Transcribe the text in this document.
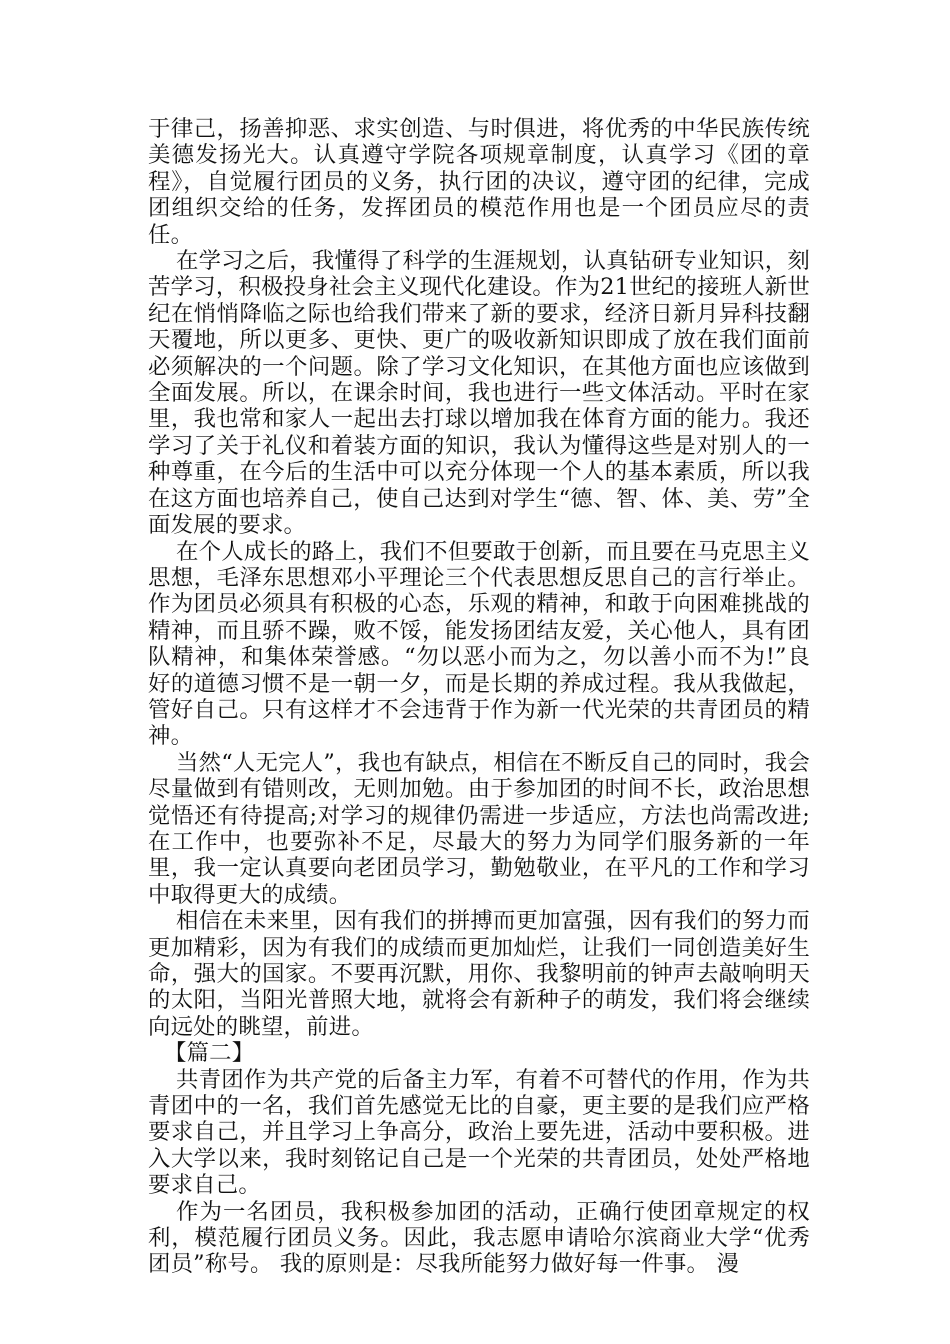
于律己，扬善抑恶、求实创造、与时俱进，将优秀的中华民族传统美德发扬光大。认真遵守学院各项规章制度，认真学习《团的章程》，自觉履行团员的义务，执行团的决议，遵守团的纪律，完成团组织交给的任务，发挥团员的模范作用也是一个团员应尽的责任。

在学习之后，我懂得了科学的生涯规划，认真钻研专业知识，刻苦学习，积极投身社会主义现代化建设。作为21世纪的接班人新世纪在悄悄降临之际也给我们带来了新的要求，经济日新月异科技翻天覆地，所以更多、更快、更广的吸收新知识即成了放在我们面前必须解决的一个问题。除了学习文化知识，在其他方面也应该做到全面发展。所以，在课余时间，我也进行一些文体活动。平时在家里，我也常和家人一起出去打球以增加我在体育方面的能力。我还学习了关于礼仪和着装方面的知识，我认为懂得这些是对别人的一种尊重，在今后的生活中可以充分体现一个人的基本素质，所以我在这方面也培养自己，使自己达到对学生“德、智、体、美、劳”全面发展的要求。

在个人成长的路上，我们不但要敢于创新，而且要在马克思主义思想，毛泽东思想邓小平理论三个代表思想反思自己的言行举止。作为团员必须具有积极的心态，乐观的精神，和敢于向困难挑战的精神，而且骄不躁，败不馁，能发扬团结友爱，关心他人，具有团队精神，和集体荣誉感。“勿以恶小而为之，勿以善小而不为!”良好的道德习惯不是一朝一夕，而是长期的养成过程。我从我做起，管好自己。只有这样才不会违背于作为新一代光荣的共青团员的精神。

当然“人无完人”，我也有缺点，相信在不断反自己的同时，我会尽量做到有错则改，无则加勉。由于参加团的时间不长，政治思想觉悟还有待提高;对学习的规律仍需进一步适应，方法也尚需改进;在工作中，也要弥补不足，尽最大的努力为同学们服务新的一年里，我一定认真要向老团员学习，勤勉敬业，在平凡的工作和学习中取得更大的成绩。

相信在未来里，因有我们的拼搏而更加富强，因有我们的努力而更加精彩，因为有我们的成绩而更加灿烂，让我们一同创造美好生命，强大的国家。不要再沉默，用你、我黎明前的钟声去敲响明天的太阳，当阳光普照大地，就将会有新种子的萌发，我们将会继续向远处的眺望，前进。

【篇二】

共青团作为共产党的后备主力军，有着不可替代的作用，作为共青团中的一名，我们首先感觉无比的自豪，更主要的是我们应严格要求自己，并且学习上争高分，政治上要先进，活动中要积极。进入大学以来，我时刻铭记自己是一个光荣的共青团员，处处严格地要求自己。

作为一名团员，我积极参加团的活动，正确行使团章规定的权利，模范履行团员义务。因此，我志愿申请哈尔滨商业大学“优秀团员”称号。 我的原则是：尽我所能努力做好每一件事。 漫
